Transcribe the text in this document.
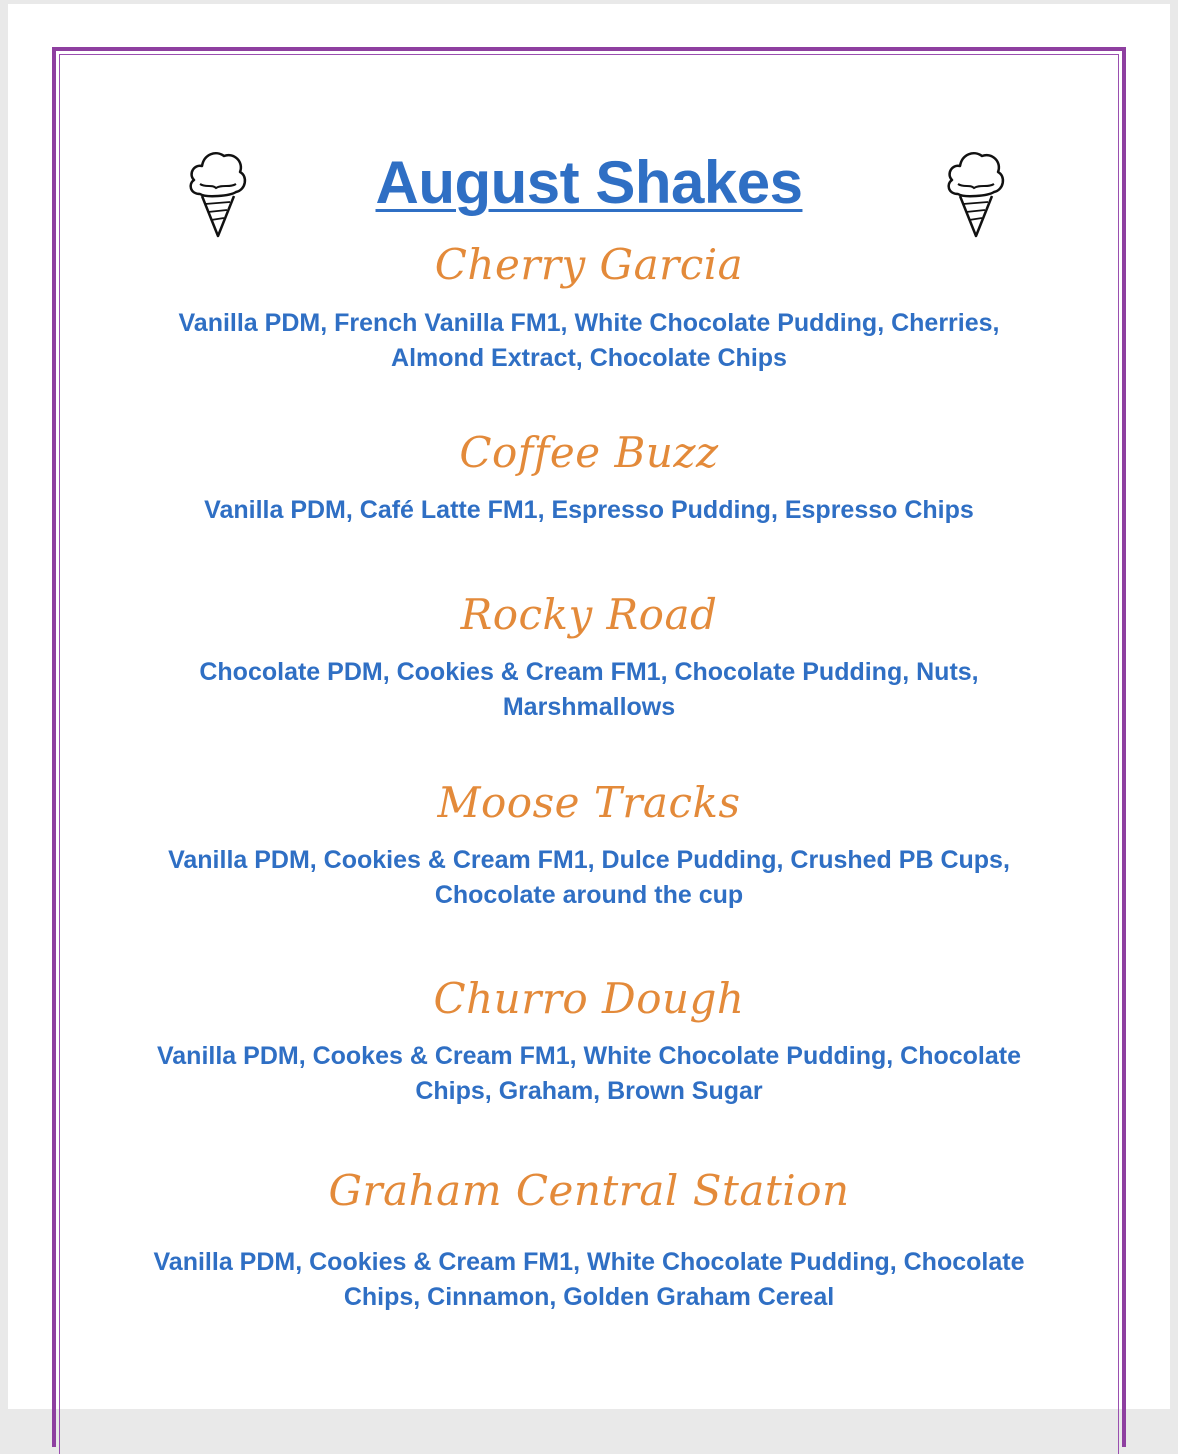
August Shakes
Cherry Garcia
Vanilla PDM, French Vanilla FM1, White Chocolate Pudding, Cherries, Almond Extract, Chocolate Chips
Coffee Buzz
Vanilla PDM, Café Latte FM1, Espresso Pudding, Espresso Chips
Rocky Road
Chocolate PDM, Cookies & Cream FM1, Chocolate Pudding, Nuts, Marshmallows
Moose Tracks
Vanilla PDM, Cookies & Cream FM1, Dulce Pudding, Crushed PB Cups, Chocolate around the cup
Churro Dough
Vanilla PDM, Cookes & Cream FM1, White Chocolate Pudding, Chocolate Chips, Graham, Brown Sugar
Graham Central Station
Vanilla PDM, Cookies & Cream FM1, White Chocolate Pudding, Chocolate Chips, Cinnamon, Golden Graham Cereal
